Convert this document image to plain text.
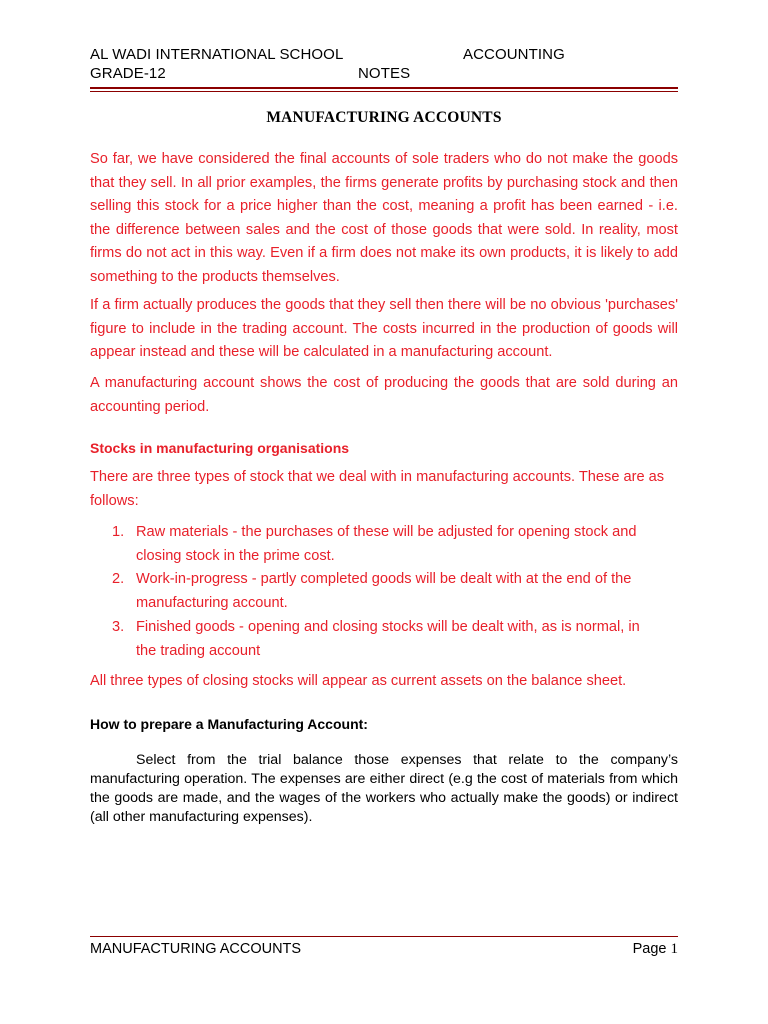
AL WADI INTERNATIONAL SCHOOL	ACCOUNTING
GRADE-12	NOTES
MANUFACTURING ACCOUNTS
So far, we have considered the final accounts of sole traders who do not make the goods that they sell. In all prior examples, the firms generate profits by purchasing stock and then selling this stock for a price higher than the cost, meaning a profit has been earned - i.e. the difference between sales and the cost of those goods that were sold. In reality, most firms do not act in this way. Even if a firm does not make its own products, it is likely to add something to the products themselves.
If a firm actually produces the goods that they sell then there will be no obvious 'purchases' figure to include in the trading account. The costs incurred in the production of goods will appear instead and these will be calculated in a manufacturing account.
A manufacturing account shows the cost of producing the goods that are sold during an accounting period.
Stocks in manufacturing organisations
There are three types of stock that we deal with in manufacturing accounts. These are as follows:
1. Raw materials - the purchases of these will be adjusted for opening stock and
closing stock in the prime cost.
2. Work-in-progress - partly completed goods will be dealt with at the end of the
manufacturing account.
3. Finished goods - opening and closing stocks will be dealt with, as is normal, in
the trading account
All three types of closing stocks will appear as current assets on the balance sheet.
How to prepare a Manufacturing Account:
Select from the trial balance those expenses that relate to the company’s manufacturing operation. The expenses are either direct (e.g the cost of materials from which the goods are made, and the wages of the workers who actually make the goods) or indirect (all other manufacturing expenses).
MANUFACTURING ACCOUNTS	Page 1
